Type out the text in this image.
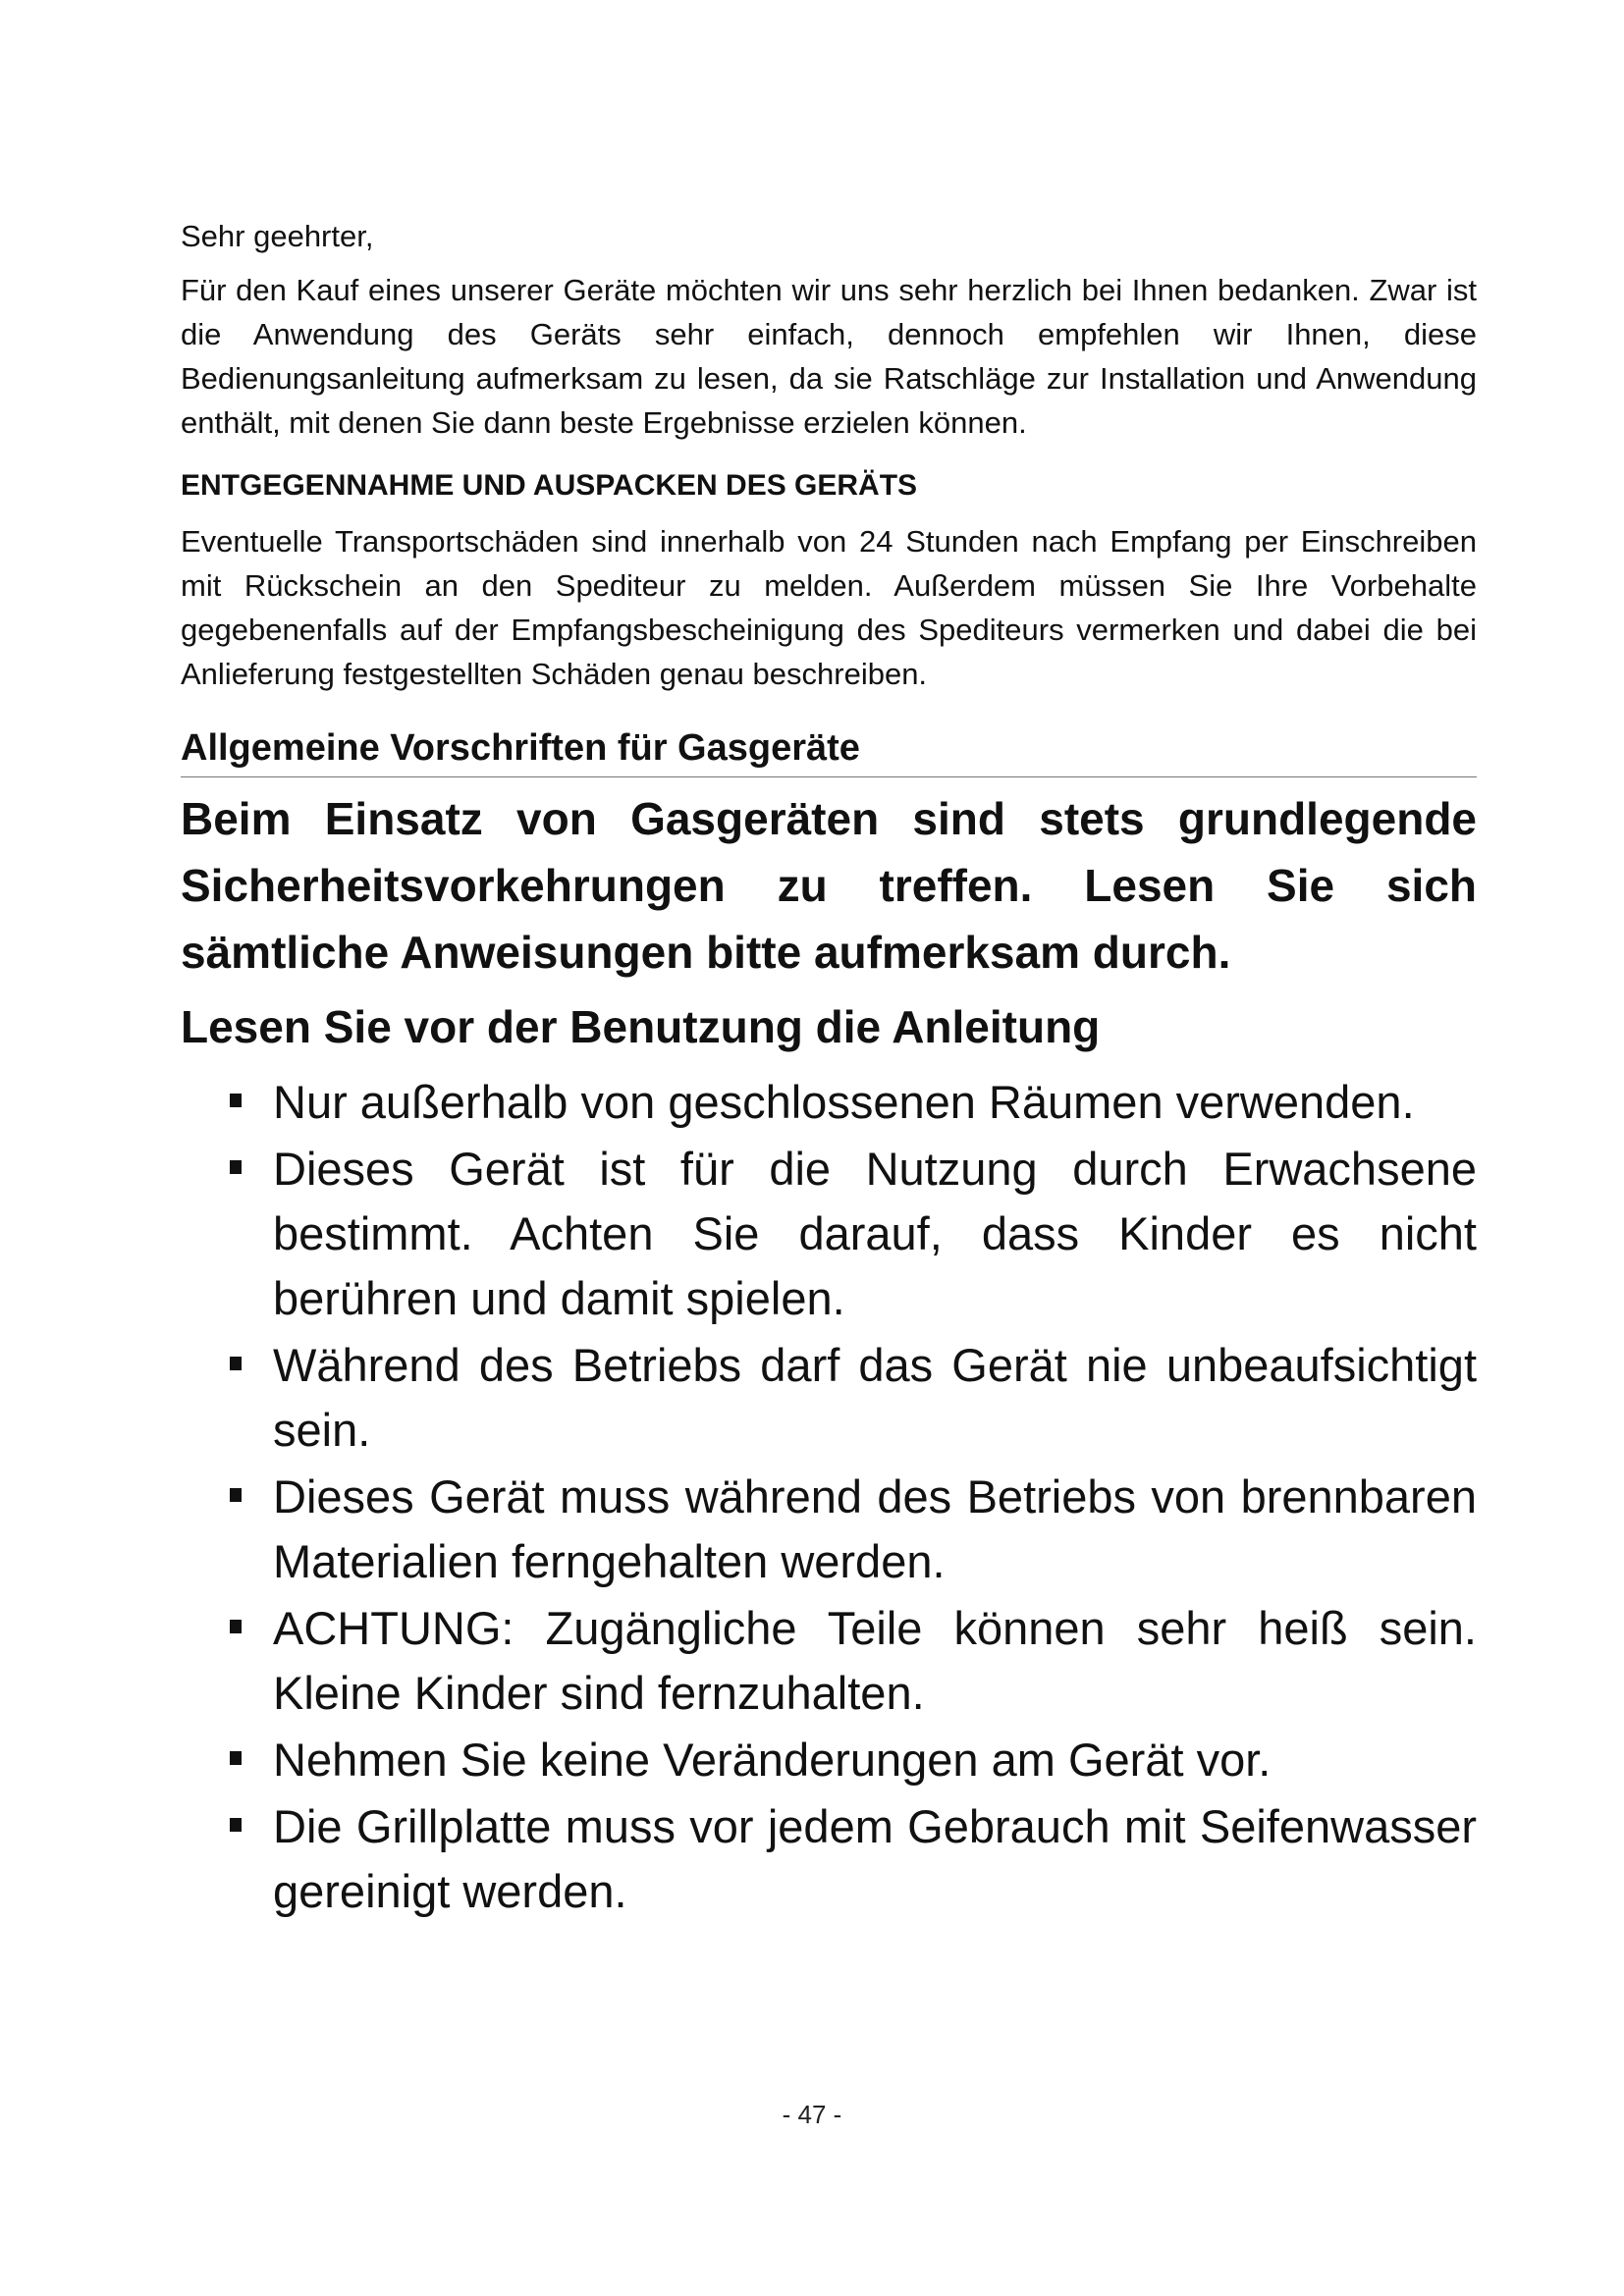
Sehr geehrter,

Für den Kauf eines unserer Geräte möchten wir uns sehr herzlich bei Ihnen bedanken. Zwar ist die Anwendung des Geräts sehr einfach, dennoch empfehlen wir Ihnen, diese Bedienungsanleitung aufmerksam zu lesen, da sie Ratschläge zur Installation und Anwendung enthält, mit denen Sie dann beste Ergebnisse erzielen können.

ENTGEGENNAHME UND AUSPACKEN DES GERÄTS

Eventuelle Transportschäden sind innerhalb von 24 Stunden nach Empfang per Einschreiben mit Rückschein an den Spediteur zu melden. Außerdem müssen Sie Ihre Vorbehalte gegebenenfalls auf der Empfangsbescheinigung des Spediteurs vermerken und dabei die bei Anlieferung festgestellten Schäden genau beschreiben.

Allgemeine Vorschriften für Gasgeräte

Beim Einsatz von Gasgeräten sind stets grundlegende Sicherheitsvorkehrungen zu treffen. Lesen Sie sich sämtliche Anweisungen bitte aufmerksam durch.

Lesen Sie vor der Benutzung die Anleitung
Nur außerhalb von geschlossenen Räumen verwenden.
Dieses Gerät ist für die Nutzung durch Erwachsene bestimmt. Achten Sie darauf, dass Kinder es nicht berühren und damit spielen.
Während des Betriebs darf das Gerät nie unbeaufsichtigt sein.
Dieses Gerät muss während des Betriebs von brennbaren Materialien ferngehalten werden.
ACHTUNG: Zugängliche Teile können sehr heiß sein. Kleine Kinder sind fernzuhalten.
Nehmen Sie keine Veränderungen am Gerät vor.
Die Grillplatte muss vor jedem Gebrauch mit Seifenwasser gereinigt werden.
- 47 -
